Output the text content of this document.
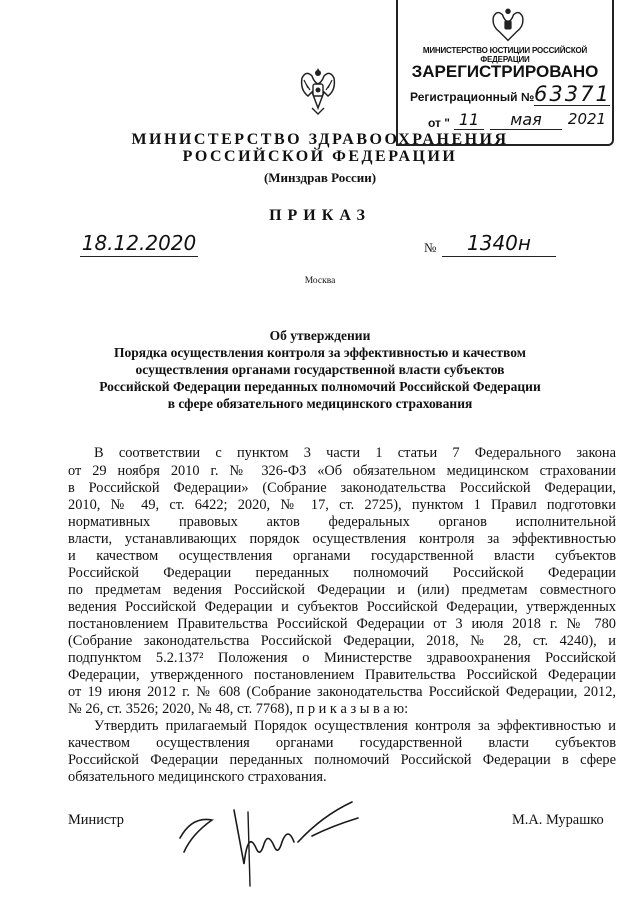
МИНИСТЕРСТВО ЮСТИЦИИ РОССИЙСКОЙ ФЕДЕРАЦИИ
ЗАРЕГИСТРИРОВАНО
Регистрационный № 63371
от " 11	мая	2021
МИНИСТЕРСТВО ЗДРАВООХРАНЕНИЯ
РОССИЙСКОЙ ФЕДЕРАЦИИ
(Минздрав России)
ПРИКАЗ
18.12.2020	№	1340н
Москва
Об утверждении
Порядка осуществления контроля за эффективностью и качеством
осуществления органами государственной власти субъектов
Российской Федерации переданных полномочий Российской Федерации
в сфере обязательного медицинского страхования
В соответствии с пунктом 3 части 1 статьи 7 Федерального закона
от 29 ноября 2010 г. № 326-ФЗ «Об обязательном медицинском страховании
в Российской Федерации» (Собрание законодательства Российской Федерации,
2010, № 49, ст. 6422; 2020, № 17, ст. 2725), пунктом 1 Правил подготовки
нормативных правовых актов федеральных органов исполнительной
власти, устанавливающих порядок осуществления контроля за эффективностью
и качеством осуществления органами государственной власти субъектов
Российской Федерации переданных полномочий Российской Федерации
по предметам ведения Российской Федерации и (или) предметам совместного
ведения Российской Федерации и субъектов Российской Федерации, утвержденных
постановлением Правительства Российской Федерации от 3 июля 2018 г. № 780
(Собрание законодательства Российской Федерации, 2018, № 28, ст. 4240), и
подпунктом 5.2.137² Положения о Министерстве здравоохранения Российской
Федерации, утвержденного постановлением Правительства Российской Федерации
от 19 июня 2012 г. № 608 (Собрание законодательства Российской Федерации, 2012,
№ 26, ст. 3526; 2020, № 48, ст. 7768), п р и к а з ы в а ю:
Утвердить прилагаемый Порядок осуществления контроля за эффективностью и
качеством осуществления органами государственной власти субъектов
Российской Федерации переданных полномочий Российской Федерации в сфере
обязательного медицинского страхования.
Министр	М.А. Мурашко
